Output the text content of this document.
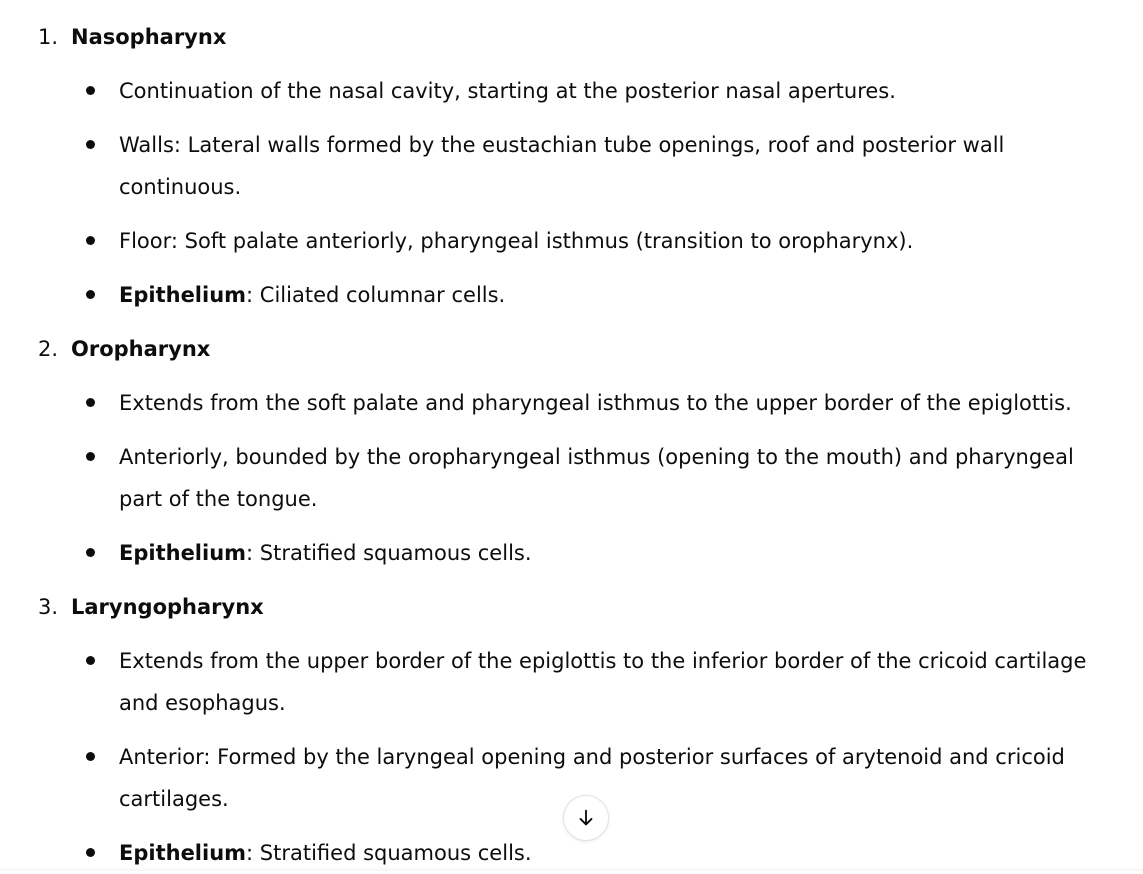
1. Nasopharynx
Continuation of the nasal cavity, starting at the posterior nasal apertures.
Walls: Lateral walls formed by the eustachian tube openings, roof and posterior wall continuous.
Floor: Soft palate anteriorly, pharyngeal isthmus (transition to oropharynx).
Epithelium: Ciliated columnar cells.
2. Oropharynx
Extends from the soft palate and pharyngeal isthmus to the upper border of the epiglottis.
Anteriorly, bounded by the oropharyngeal isthmus (opening to the mouth) and pharyngeal part of the tongue.
Epithelium: Stratified squamous cells.
3. Laryngopharynx
Extends from the upper border of the epiglottis to the inferior border of the cricoid cartilage and esophagus.
Anterior: Formed by the laryngeal opening and posterior surfaces of arytenoid and cricoid cartilages.
Epithelium: Stratified squamous cells.
